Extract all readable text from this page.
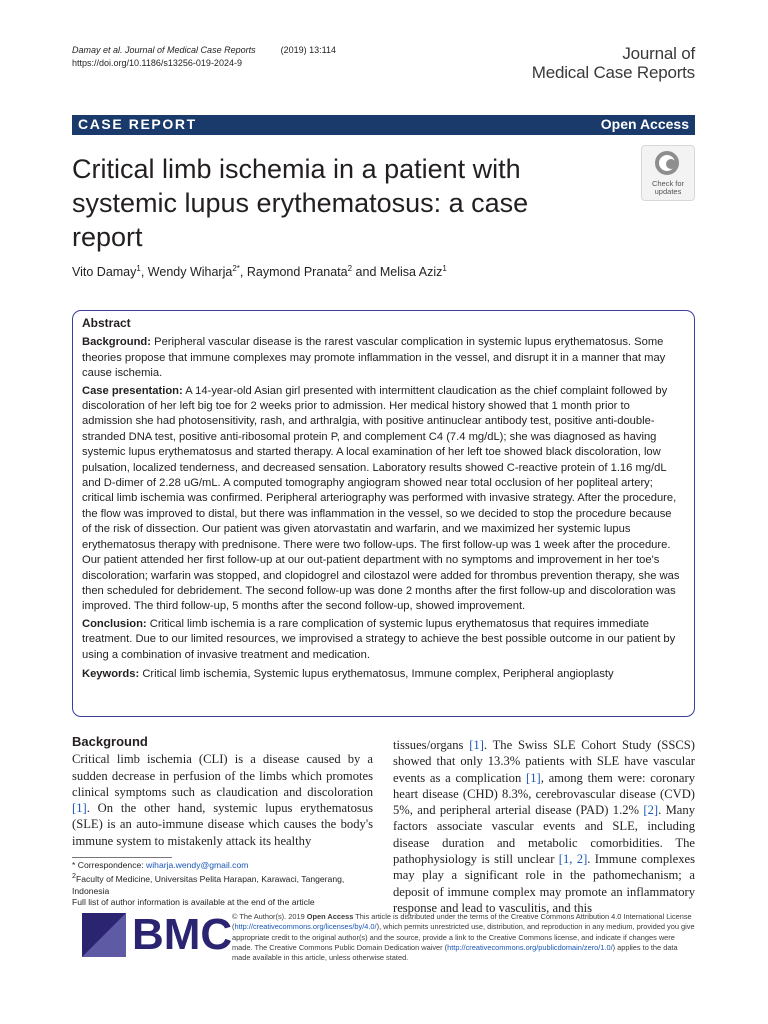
Damay et al. Journal of Medical Case Reports	(2019) 13:114
https://doi.org/10.1186/s13256-019-2024-9	Journal of
Medical Case Reports
CASE REPORT	Open Access
Critical limb ischemia in a patient with systemic lupus erythematosus: a case report
Check for
updates
Vito Damay$^1$, Wendy Wiharja$^{2*}$, Raymond Pranata$^2$ and Melisa Aziz$^1$
Abstract

Background: Peripheral vascular disease is the rarest vascular complication in systemic lupus erythematosus. Some theories propose that immune complexes may promote inflammation in the vessel, and disrupt it in a manner that may cause ischemia.

Case presentation: A 14-year-old Asian girl presented with intermittent claudication as the chief complaint followed by discoloration of her left big toe for 2 weeks prior to admission. Her medical history showed that 1 month prior to admission she had photosensitivity, rash, and arthralgia, with positive antinuclear antibody test, positive anti-double-stranded DNA test, positive anti-ribosomal protein P, and complement C4 (7.4 mg/dL); she was diagnosed as having systemic lupus erythematosus and started therapy. A local examination of her left toe showed black discoloration, low pulsation, localized tenderness, and decreased sensation. Laboratory results showed C-reactive protein of 1.16 mg/dL and D-dimer of 2.28 uG/mL. A computed tomography angiogram showed near total occlusion of her popliteal artery; critical limb ischemia was confirmed. Peripheral arteriography was performed with invasive strategy. After the procedure, the flow was improved to distal, but there was inflammation in the vessel, so we decided to stop the procedure because of the risk of dissection. Our patient was given atorvastatin and warfarin, and we maximized her systemic lupus erythematosus therapy with prednisone. There were two follow-ups. The first follow-up was 1 week after the procedure. Our patient attended her first follow-up at our out-patient department with no symptoms and improvement in her toe's discoloration; warfarin was stopped, and clopidogrel and cilostazol were added for thrombus prevention therapy, she was then scheduled for debridement. The second follow-up was done 2 months after the first follow-up and discoloration was improved. The third follow-up, 5 months after the second follow-up, showed improvement.

Conclusion: Critical limb ischemia is a rare complication of systemic lupus erythematosus that requires immediate treatment. Due to our limited resources, we improvised a strategy to achieve the best possible outcome in our patient by using a combination of invasive treatment and medication.

Keywords: Critical limb ischemia, Systemic lupus erythematosus, Immune complex, Peripheral angioplasty

Background

Critical limb ischemia (CLI) is a disease caused by a sudden decrease in perfusion of the limbs which promotes clinical symptoms such as claudication and discoloration [1]. On the other hand, systemic lupus erythematosus (SLE) is an auto-immune disease which causes the body's immune system to mistakenly attack its healthy

tissues/organs [1]. The Swiss SLE Cohort Study (SSCS) showed that only 13.3% patients with SLE have vascular events as a complication [1], among them were: coronary heart disease (CHD) 8.3%, cerebrovascular disease (CVD) 5%, and peripheral arterial disease (PAD) 1.2% [2]. Many factors associate vascular events and SLE, including disease duration and metabolic comorbidities. The pathophysiology is still unclear [1, 2]. Immune complexes may play a significant role in the pathomechanism; a deposit of immune complex may promote an inflammatory response and lead to vasculitis, and this

* Correspondence: wiharja.wendy@gmail.com
$^2$Faculty of Medicine, Universitas Pelita Harapan, Karawaci, Tangerang, Indonesia
Full list of author information is available at the end of the article
BMC © The Author(s). 2019 Open Access This article is distributed under the terms of the Creative Commons Attribution 4.0 International License (http://creativecommons.org/licenses/by/4.0/), which permits unrestricted use, distribution, and reproduction in any medium, provided you give appropriate credit to the original author(s) and the source, provide a link to the Creative Commons license, and indicate if changes were made. The Creative Commons Public Domain Dedication waiver (http://creativecommons.org/publicdomain/zero/1.0/) applies to the data made available in this article, unless otherwise stated.
